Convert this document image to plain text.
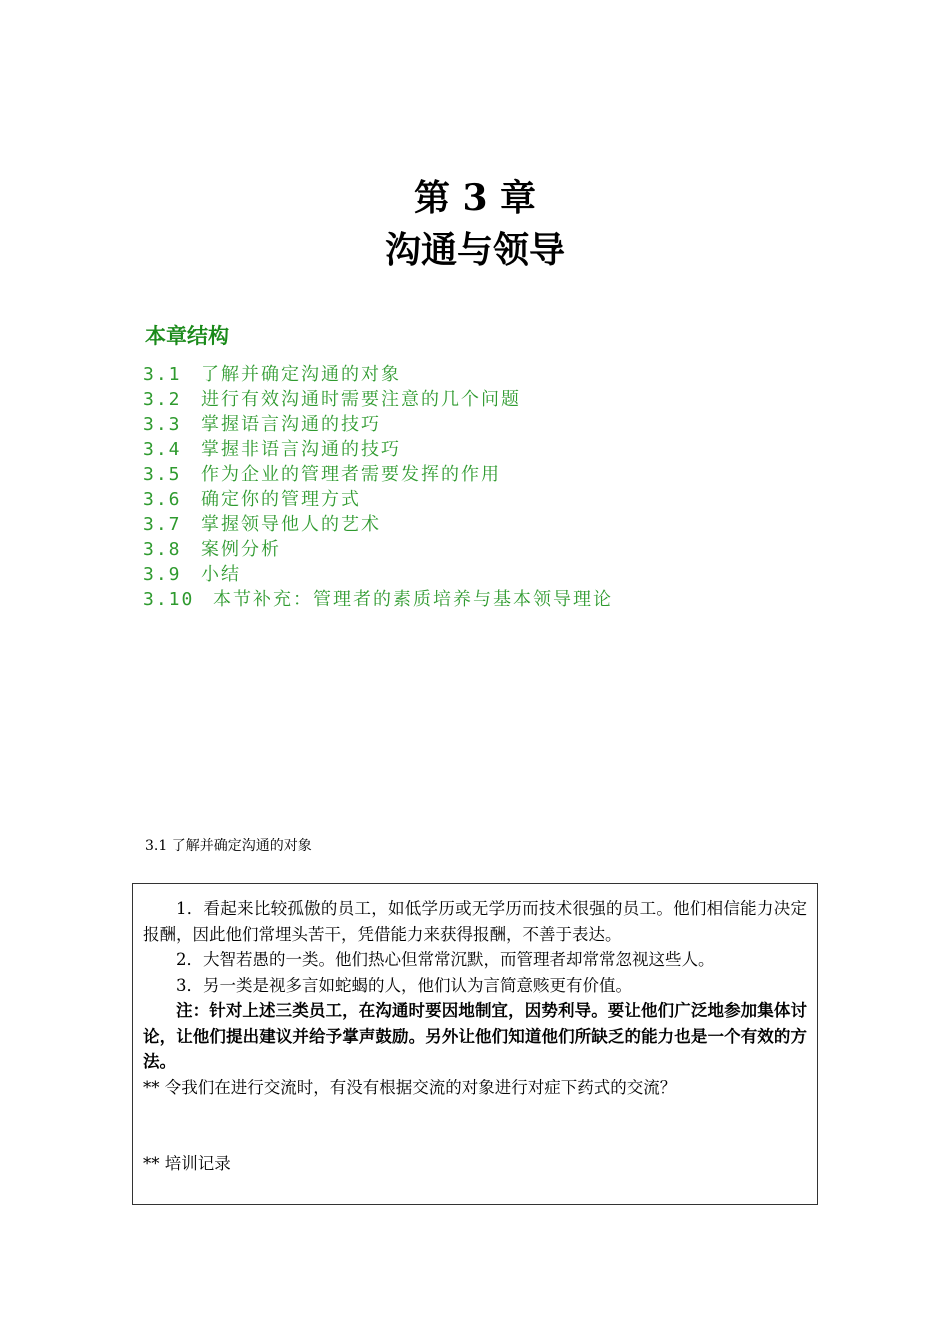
第 3 章
沟通与领导
本章结构
3.1 了解并确定沟通的对象
3.2 进行有效沟通时需要注意的几个问题
3.3 掌握语言沟通的技巧
3.4 掌握非语言沟通的技巧
3.5 作为企业的管理者需要发挥的作用
3.6 确定你的管理方式
3.7 掌握领导他人的艺术
3.8 案例分析
3.9 小结
3.10 本节补充：管理者的素质培养与基本领导理论
3.1 了解并确定沟通的对象

1．看起来比较孤傲的员工，如低学历或无学历而技术很强的员工。他们相信能力决定报酬，因此他们常埋头苦干，凭借能力来获得报酬，不善于表达。

2．大智若愚的一类。他们热心但常常沉默，而管理者却常常忽视这些人。

3．另一类是视多言如蛇蝎的人，他们认为言简意赅更有价值。

注：针对上述三类员工，在沟通时要因地制宜，因势利导。要让他们广泛地参加集体讨论，让他们提出建议并给予掌声鼓励。另外让他们知道他们所缺乏的能力也是一个有效的方法。

** 令我们在进行交流时，有没有根据交流的对象进行对症下药式的交流？

** 培训记录
